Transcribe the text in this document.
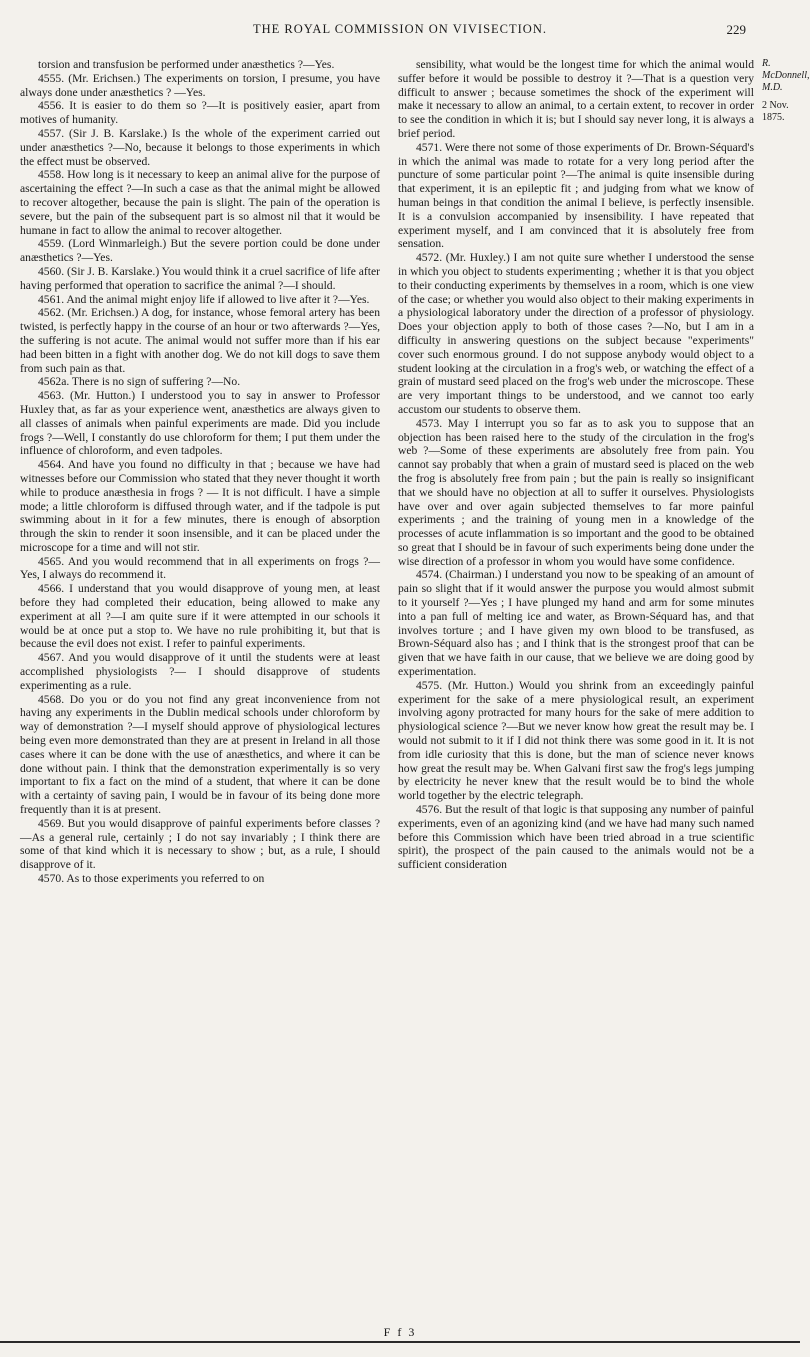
THE ROYAL COMMISSION ON VIVISECTION.	229

torsion and transfusion be performed under anæsthetics ?—Yes.

4555. (Mr. Erichsen.) The experiments on torsion, I presume, you have always done under anæsthetics ? —Yes.

4556. It is easier to do them so ?—It is positively easier, apart from motives of humanity.

4557. (Sir J. B. Karslake.) Is the whole of the experiment carried out under anæsthetics ?—No, because it belongs to those experiments in which the effect must be observed.

4558. How long is it necessary to keep an animal alive for the purpose of ascertaining the effect ?—In such a case as that the animal might be allowed to recover altogether, because the pain is slight. The pain of the operation is severe, but the pain of the subsequent part is so almost nil that it would be humane in fact to allow the animal to recover altogether.

4559. (Lord Winmarleigh.) But the severe portion could be done under anæsthetics ?—Yes.

4560. (Sir J. B. Karslake.) You would think it a cruel sacrifice of life after having performed that operation to sacrifice the animal ?—I should.

4561. And the animal might enjoy life if allowed to live after it ?—Yes.

4562. (Mr. Erichsen.) A dog, for instance, whose femoral artery has been twisted, is perfectly happy in the course of an hour or two afterwards ?—Yes, the suffering is not acute. The animal would not suffer more than if his ear had been bitten in a fight with another dog. We do not kill dogs to save them from such pain as that.

4562a. There is no sign of suffering ?—No.

4563. (Mr. Hutton.) I understood you to say in answer to Professor Huxley that, as far as your experience went, anæsthetics are always given to all classes of animals when painful experiments are made. Did you include frogs ?—Well, I constantly do use chloroform for them; I put them under the influence of chloroform, and even tadpoles.

4564. And have you found no difficulty in that ; because we have had witnesses before our Commission who stated that they never thought it worth while to produce anæsthesia in frogs ? — It is not difficult. I have a simple mode; a little chloroform is diffused through water, and if the tadpole is put swimming about in it for a few minutes, there is enough of absorption through the skin to render it soon insensible, and it can be placed under the microscope for a time and will not stir.

4565. And you would recommend that in all experiments on frogs ?—Yes, I always do recommend it.

4566. I understand that you would disapprove of young men, at least before they had completed their education, being allowed to make any experiment at all ?—I am quite sure if it were attempted in our schools it would be at once put a stop to. We have no rule prohibiting it, but that is because the evil does not exist. I refer to painful experiments.

4567. And you would disapprove of it until the students were at least accomplished physiologists ?— I should disapprove of students experimenting as a rule.

4568. Do you or do you not find any great inconvenience from not having any experiments in the Dublin medical schools under chloroform by way of demonstration ?—I myself should approve of physiological lectures being even more demonstrated than they are at present in Ireland in all those cases where it can be done with the use of anæsthetics, and where it can be done without pain. I think that the demonstration experimentally is so very important to fix a fact on the mind of a student, that where it can be done with a certainty of saving pain, I would be in favour of its being done more frequently than it is at present.

4569. But you would disapprove of painful experiments before classes ?—As a general rule, certainly ; I do not say invariably ; I think there are some of that kind which it is necessary to show ; but, as a rule, I should disapprove of it.

4570. As to those experiments you referred to on

sensibility, what would be the longest time for which the animal would suffer before it would be possible to destroy it ?—That is a question very difficult to answer ; because sometimes the shock of the experiment will make it necessary to allow an animal, to a certain extent, to recover in order to see the condition in which it is; but I should say never long, it is always a brief period.

4571. Were there not some of those experiments of Dr. Brown-Séquard's in which the animal was made to rotate for a very long period after the puncture of some particular point ?—The animal is quite insensible during that experiment, it is an epileptic fit ; and judging from what we know of human beings in that condition the animal I believe, is perfectly insensible. It is a convulsion accompanied by insensibility. I have repeated that experiment myself, and I am convinced that it is absolutely free from sensation.

4572. (Mr. Huxley.) I am not quite sure whether I understood the sense in which you object to students experimenting ; whether it is that you object to their conducting experiments by themselves in a room, which is one view of the case; or whether you would also object to their making experiments in a physiological laboratory under the direction of a professor of physiology. Does your objection apply to both of those cases ?—No, but I am in a difficulty in answering questions on the subject because "experiments" cover such enormous ground. I do not suppose anybody would object to a student looking at the circulation in a frog's web, or watching the effect of a grain of mustard seed placed on the frog's web under the microscope. These are very important things to be understood, and we cannot too early accustom our students to observe them.

4573. May I interrupt you so far as to ask you to suppose that an objection has been raised here to the study of the circulation in the frog's web ?—Some of these experiments are absolutely free from pain. You cannot say probably that when a grain of mustard seed is placed on the web the frog is absolutely free from pain ; but the pain is really so insignificant that we should have no objection at all to suffer it ourselves. Physiologists have over and over again subjected themselves to far more painful experiments ; and the training of young men in a knowledge of the processes of acute inflammation is so important and the good to be obtained so great that I should be in favour of such experiments being done under the wise direction of a professor in whom you would have some confidence.

4574. (Chairman.) I understand you now to be speaking of an amount of pain so slight that if it would answer the purpose you would almost submit to it yourself ?—Yes ; I have plunged my hand and arm for some minutes into a pan full of melting ice and water, as Brown-Séquard has, and that involves torture ; and I have given my own blood to be transfused, as Brown-Séquard also has ; and I think that is the strongest proof that can be given that we have faith in our cause, that we believe we are doing good by experimentation.

4575. (Mr. Hutton.) Would you shrink from an exceedingly painful experiment for the sake of a mere physiological result, an experiment involving agony protracted for many hours for the sake of mere addition to physiological science ?—But we never know how great the result may be. I would not submit to it if I did not think there was some good in it. It is not from idle curiosity that this is done, but the man of science never knows how great the result may be. When Galvani first saw the frog's legs jumping by electricity he never knew that the result would be to bind the whole world together by the electric telegraph.

4576. But the result of that logic is that supposing any number of painful experiments, even of an agonizing kind (and we have had many such named before this Commission which have been tried abroad in a true scientific spirit), the prospect of the pain caused to the animals would not be a sufficient consideration

R. McDonnell, M.D.
2 Nov. 1875.
F f 3
